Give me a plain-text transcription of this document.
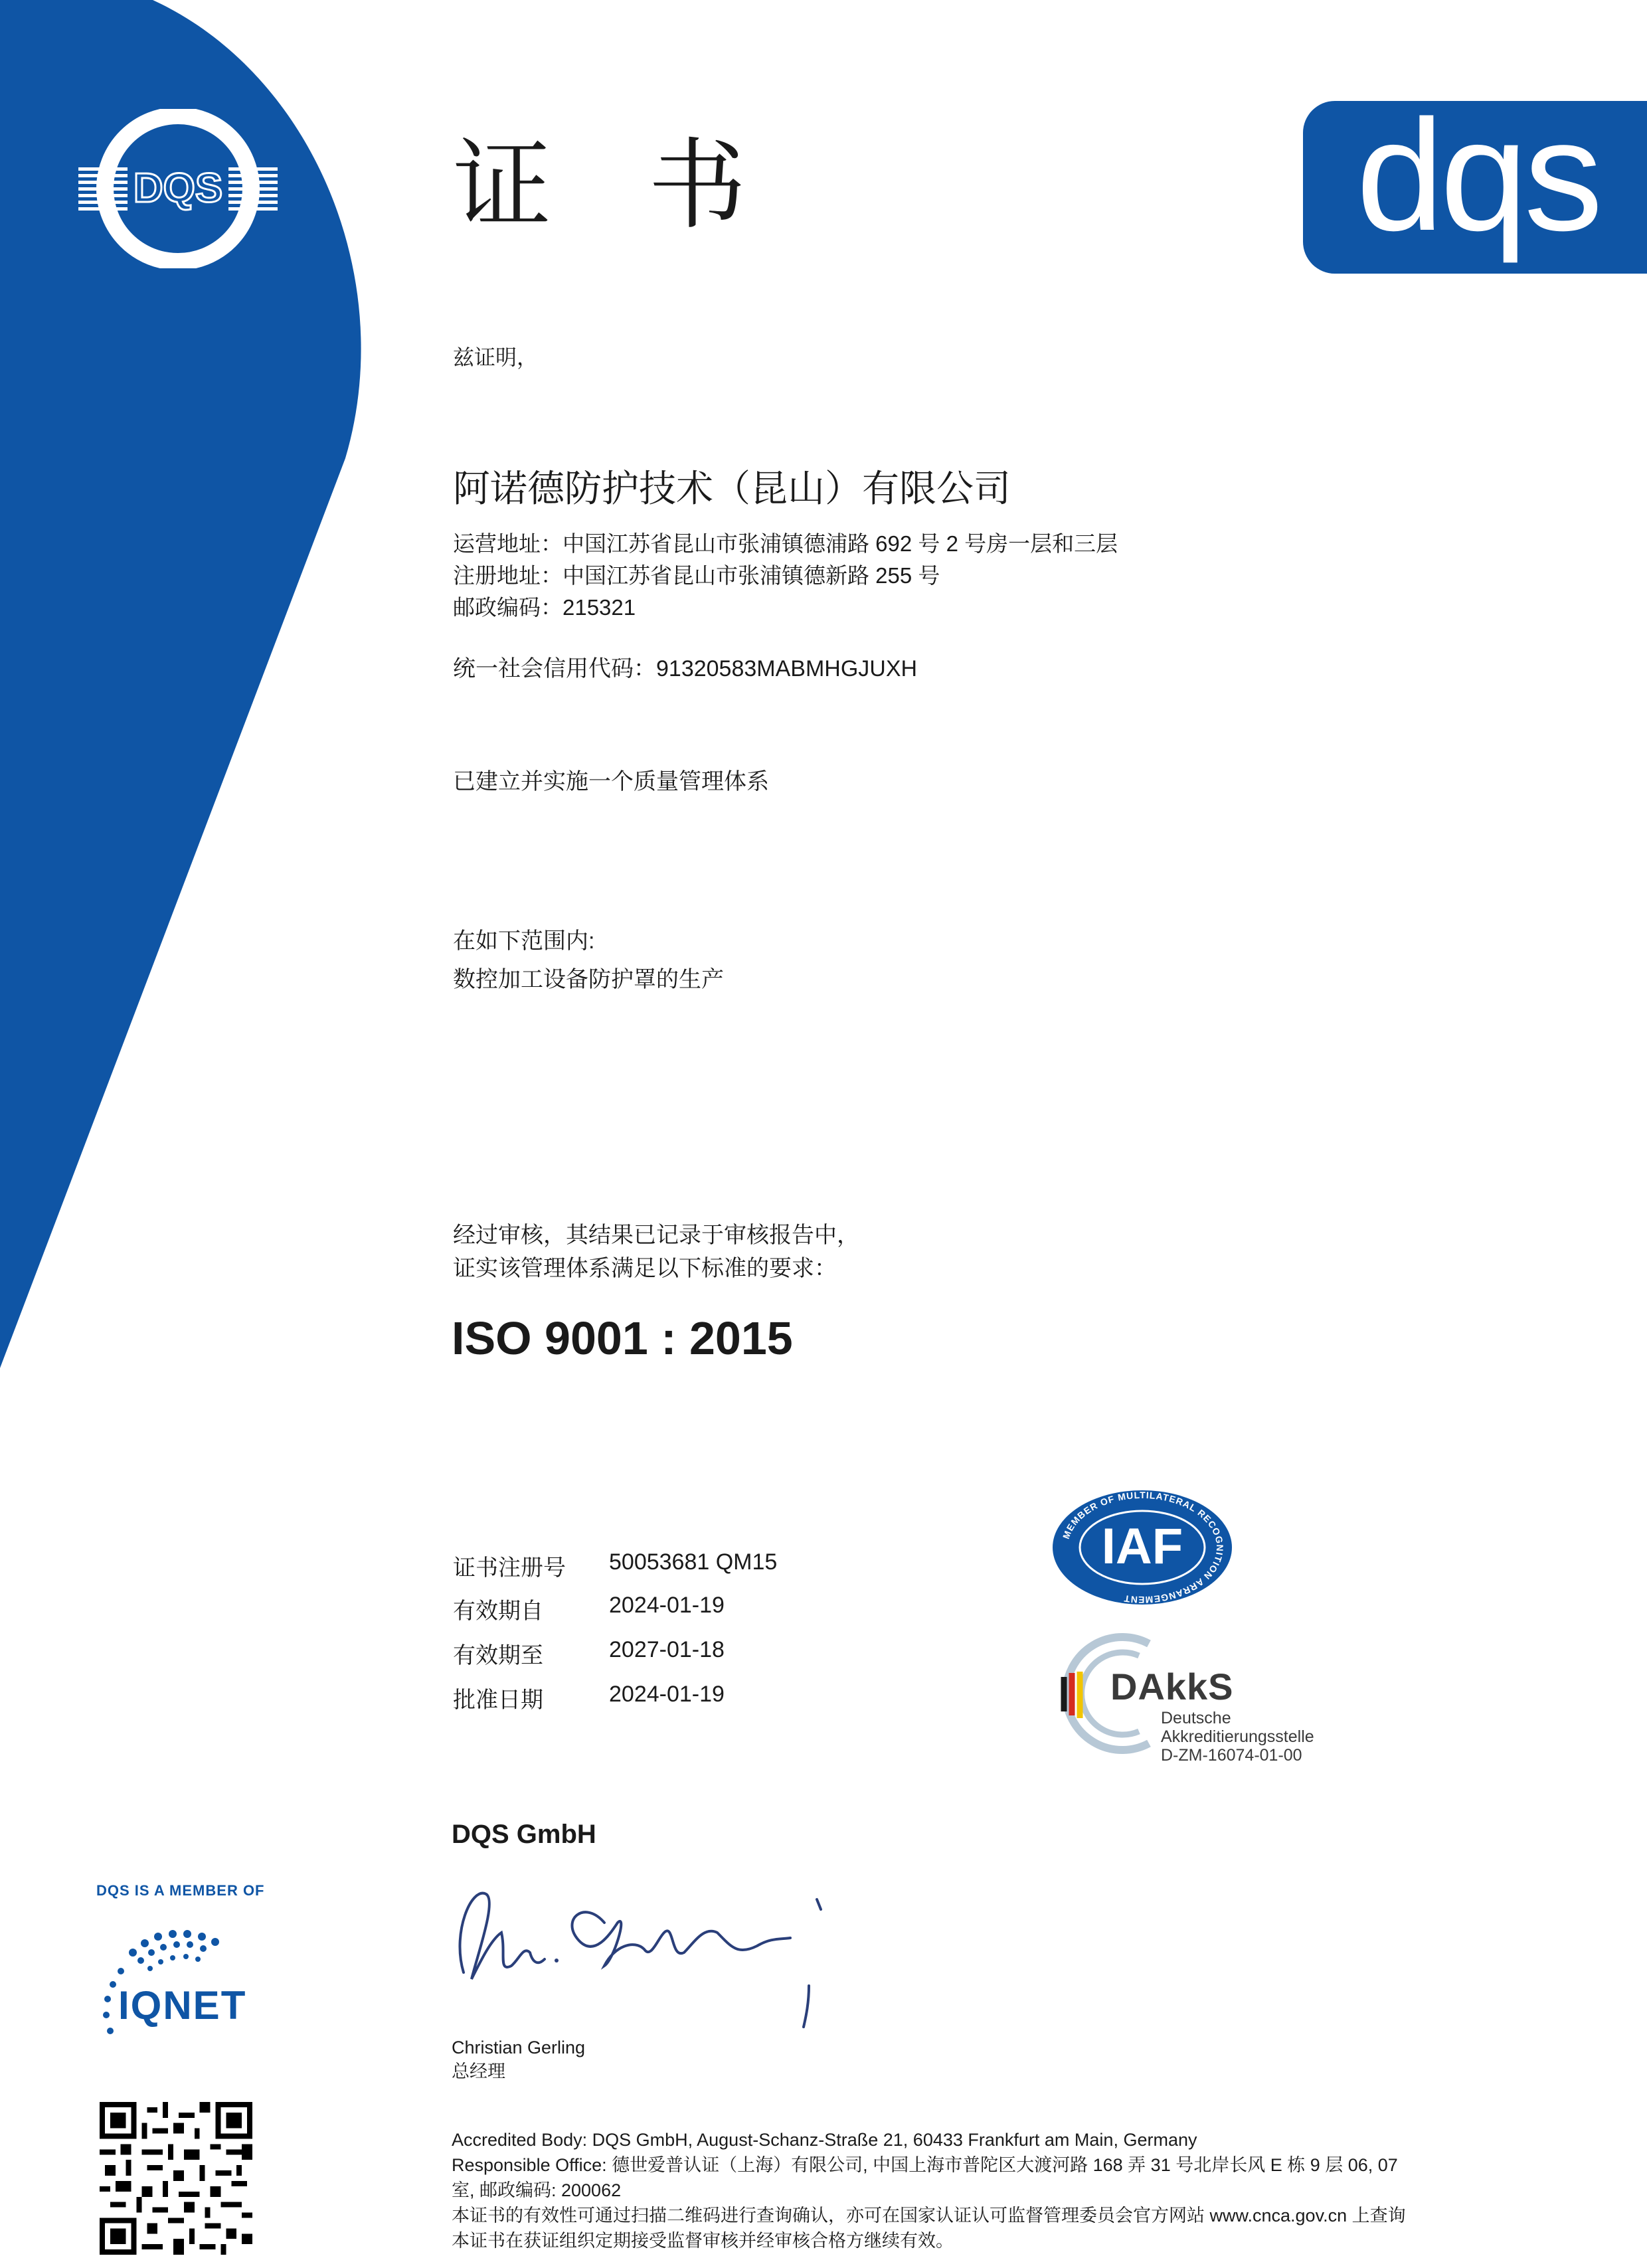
DQS	dqs
证 书
兹证明，
阿诺德防护技术（昆山）有限公司
运营地址：中国江苏省昆山市张浦镇德浦路 692 号 2 号房一层和三层
注册地址：中国江苏省昆山市张浦镇德新路 255 号
邮政编码：215321
统一社会信用代码：91320583MABMHGJUXH
已建立并实施一个质量管理体系
在如下范围内:
数控加工设备防护罩的生产
经过审核，其结果已记录于审核报告中，
证实该管理体系满足以下标准的要求：
ISO 9001 : 2015
证书注册号 50053681 QM15
有效期自	2024-01-19
有效期至	2027-01-18
批准日期	2024-01-19
MEMBER OF MULTILATERAL RECOGNITION ARRANGEMENT
IAF
DAkkS
Deutsche
Akkreditierungsstelle
D-ZM-16074-01-00
DQS GmbH
Christian Gerling
总经理
DQS IS A MEMBER OF
IQNET
Accredited Body: DQS GmbH, August-Schanz-Straße 21, 60433 Frankfurt am Main, Germany
Responsible Office: 德世爱普认证（上海）有限公司, 中国上海市普陀区大渡河路 168 弄 31 号北岸长风 E 栋 9 层 06, 07
室, 邮政编码: 200062
本证书的有效性可通过扫描二维码进行查询确认，亦可在国家认证认可监督管理委员会官方网站 www.cnca.gov.cn 上查询
本证书在获证组织定期接受监督审核并经审核合格方继续有效。
